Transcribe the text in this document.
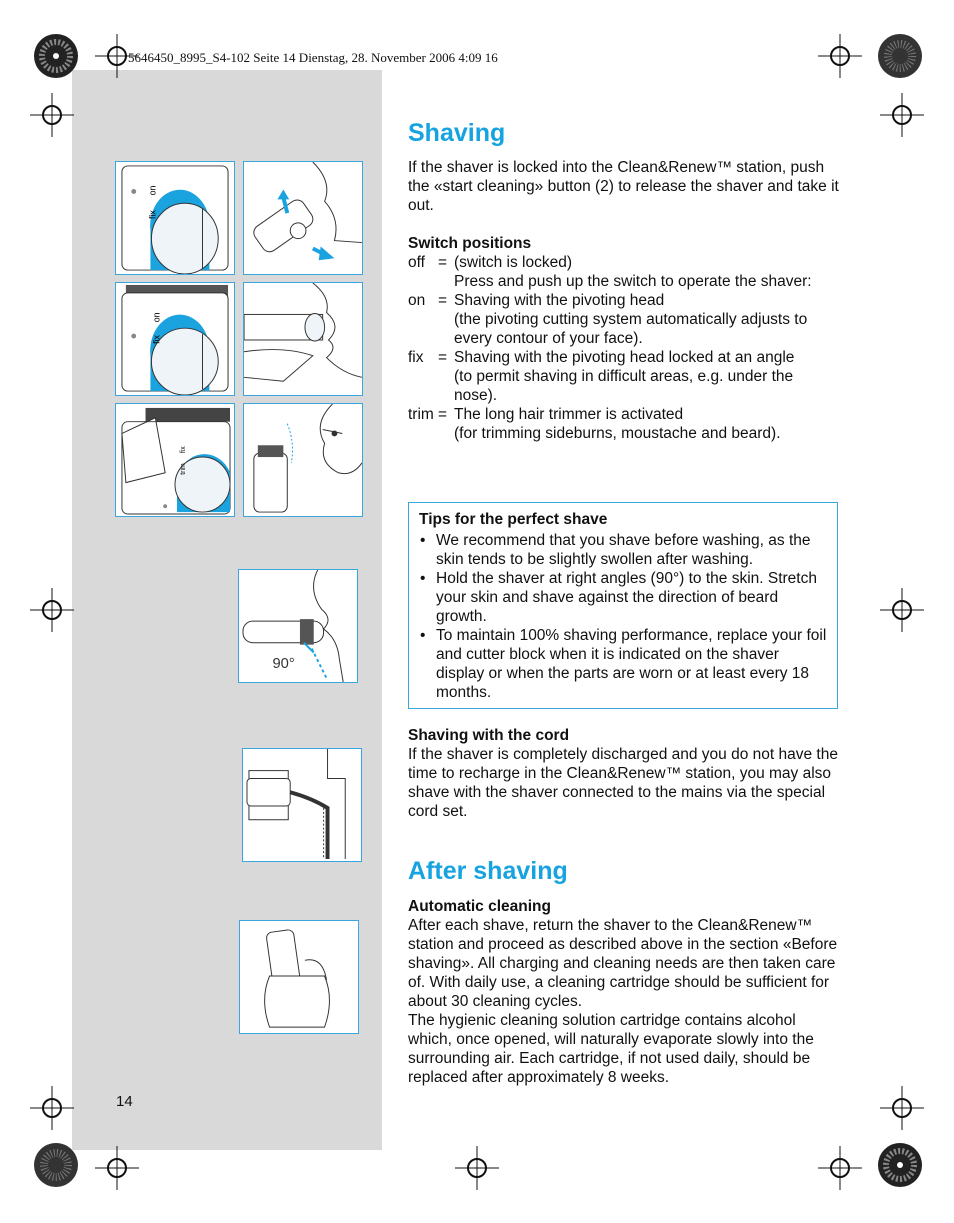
5646450_8995_S4-102 Seite 14 Dienstag, 28. November 2006 4:09 16
on
fix
on
fix
fix
trim
90°
Shaving

If the shaver is locked into the Clean&Renew™ station, push the «start cleaning» button (2) to release the shaver and take it out.

Switch positions

off = (switch is locked)
Press and push up the switch to operate the shaver:
on = Shaving with the pivoting head
(the pivoting cutting system automatically adjusts to every contour of your face).
fix = Shaving with the pivoting head locked at an angle
(to permit shaving in difficult areas, e.g. under the nose).
trim = The long hair trimmer is activated
(for trimming sideburns, moustache and beard).

Tips for the perfect shave

• We recommend that you shave before washing, as the skin tends to be slightly swollen after washing.
• Hold the shaver at right angles (90°) to the skin. Stretch your skin and shave against the direction of beard growth.
• To maintain 100% shaving performance, replace your foil and cutter block when it is indicated on the shaver display or when the parts are worn or at least every 18 months.

Shaving with the cord

If the shaver is completely discharged and you do not have the time to recharge in the Clean&Renew™ station, you may also shave with the shaver connected to the mains via the special cord set.

After shaving

Automatic cleaning

After each shave, return the shaver to the Clean&Renew™ station and proceed as described above in the section «Before shaving». All charging and cleaning needs are then taken care of. With daily use, a cleaning cartridge should be sufficient for about 30 cleaning cycles.

The hygienic cleaning solution cartridge contains alcohol which, once opened, will naturally evaporate slowly into the surrounding air. Each cartridge, if not used daily, should be replaced after approximately 8 weeks.

14
